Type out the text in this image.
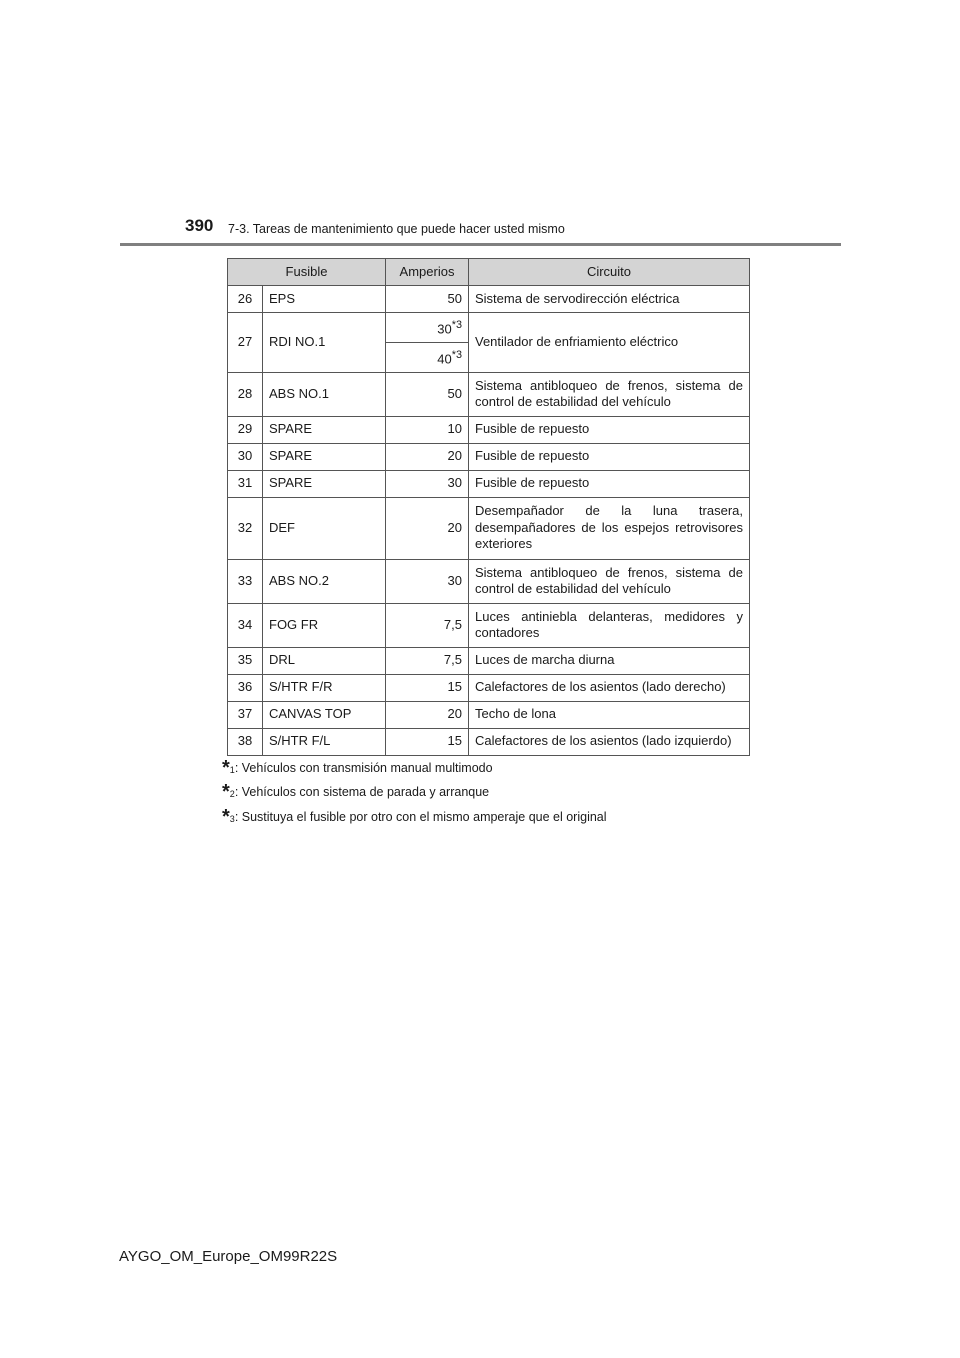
390 7-3. Tareas de mantenimiento que puede hacer usted mismo
Fusible		Amperios	Circuito
26	EPS	50	Sistema de servodirección eléctrica
27	RDI NO.1	30$^{*3}$	Ventilador de enfriamiento eléctrico
		40$^{*3}$
28	ABS NO.1	50	Sistema antibloqueo de frenos, sistema de control de estabilidad del vehículo
29	SPARE	10	Fusible de repuesto
30	SPARE	20	Fusible de repuesto
31	SPARE	30	Fusible de repuesto
32	DEF	20	Desempañador de la luna trasera, desempañadores de los espejos retrovisores exteriores
33	ABS NO.2	30	Sistema antibloqueo de frenos, sistema de control de estabilidad del vehículo
34	FOG FR	7,5	Luces antiniebla delanteras, medidores y contadores
35	DRL	7,5	Luces de marcha diurna
36	S/HTR F/R	15	Calefactores de los asientos (lado derecho)
37	CANVAS TOP	20	Techo de lona
38	S/HTR F/L	15	Calefactores de los asientos (lado izquierdo)
* 1 : Vehículos con transmisión manual multimodo
* 2 : Vehículos con sistema de parada y arranque
* 3 : Sustituya el fusible por otro con el mismo amperaje que el original
AYGO_OM_Europe_OM99R22S
